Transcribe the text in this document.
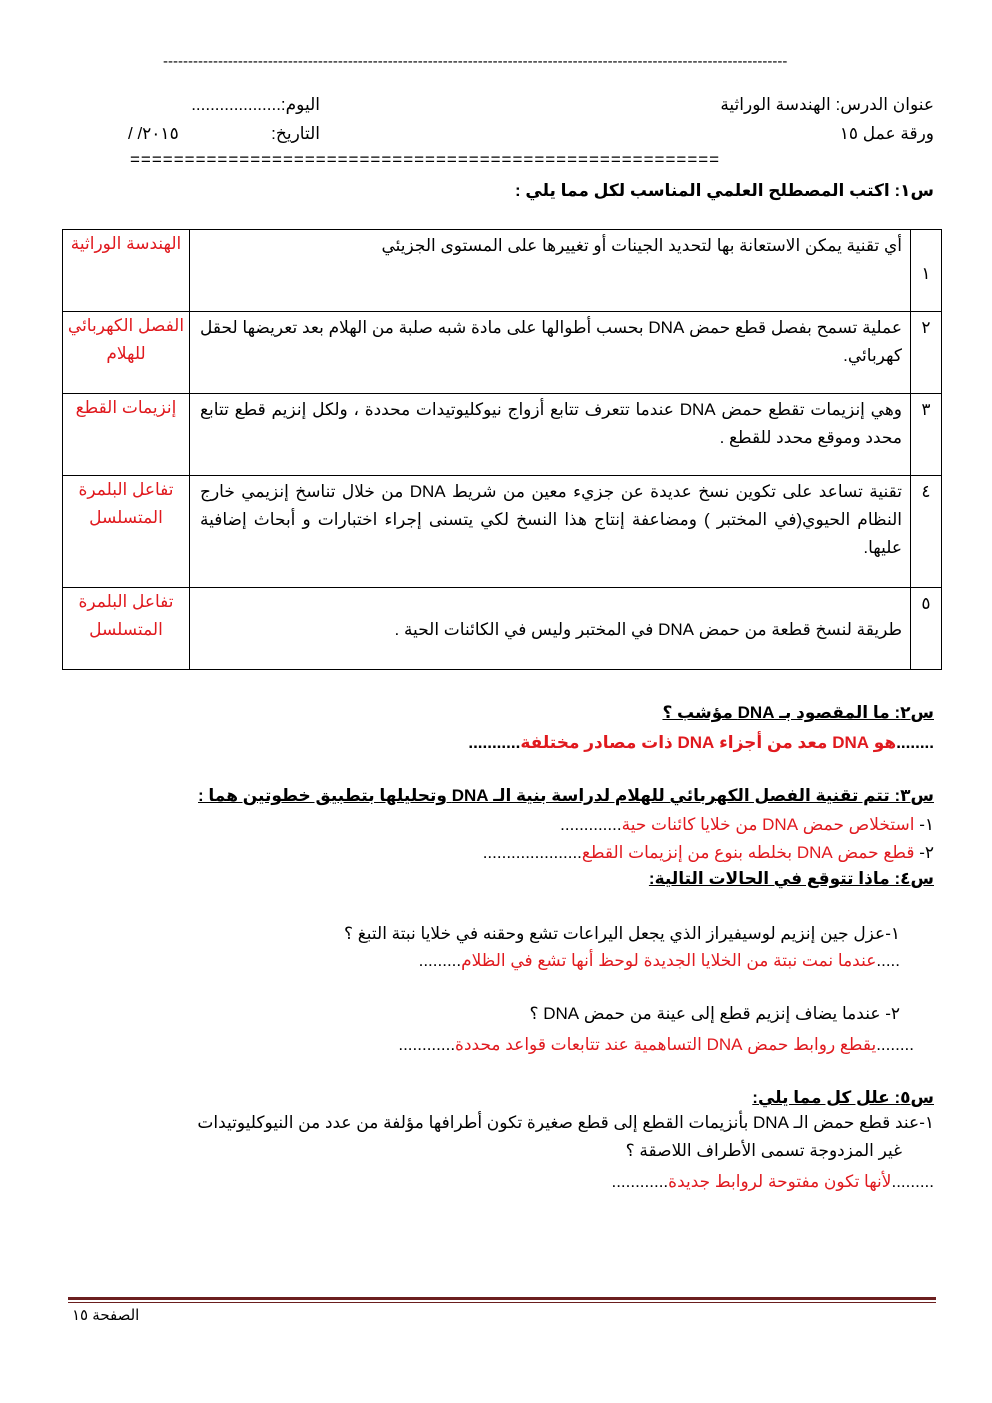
-----------------------------------------------------------------------------------------------------------------------------
عنوان الدرس: الهندسة الوراثية
اليوم:...................
ورقة عمل ١٥
التاريخ:
/ /٢٠١٥
======================================================
س١: اكتب المصطلح العلمي المناسب لكل مما يلي :
١	أي تقنية يمكن الاستعانة بها لتحديد الجينات أو تغييرها على المستوى الجزيئي	الهندسة الوراثية

٢	عملية تسمح بفصل قطع حمض DNA بحسب أطوالها على مادة شبه صلبة من الهلام بعد تعريضها لحقل كهربائي.	الفصل الكهربائي للهلام

٣	وهي إنزيمات تقطع حمض DNA عندما تتعرف تتابع أزواج نيوكليوتيدات محددة ، ولكل إنزيم قطع تتابع محدد وموقع محدد للقطع .	إنزيمات القطع

٤	تقنية تساعد على تكوين نسخ عديدة عن جزيء معين من شريط DNA من خلال تناسخ إنزيمي خارج النظام الحيوي(في المختبر ) ومضاعفة إنتاج هذا النسخ لكي يتسنى إجراء اختبارات و أبحاث إضافية عليها.	تفاعل البلمرة المتسلسل

٥	طريقة لنسخ قطعة من حمض DNA في المختبر وليس في الكائنات الحية .	تفاعل البلمرة المتسلسل
س٢: ما المقصود بـ DNA مؤشب ؟
........هو DNA معد من أجزاء DNA ذات مصادر مختلفة...........
س٣: تتم تقنية الفصل الكهربائي للهلام لدراسة بنية الـ DNA وتحليلها بتطبيق خطوتين هما :
١- استخلاص حمض DNA من خلايا كائنات حية.............
٢- قطع حمض DNA بخلطه بنوع من إنزيمات القطع.....................
س٤: ماذا تتوقع في الحالات التالية:
١-عزل جين إنزيم لوسيفيراز الذي يجعل اليراعات تشع وحقنه في خلايا نبتة التبغ ؟
.....عندما نمت نبتة من الخلايا الجديدة لوحظ أنها تشع في الظلام.........
٢- عندما يضاف إنزيم قطع إلى عينة من حمض DNA ؟
........يقطع روابط حمض DNA التساهمية عند تتابعات قواعد محددة............
س٥: علل كل مما يلي:
١-عند قطع حمض الـ DNA بأنزيمات القطع إلى قطع صغيرة تكون أطرافها مؤلفة من عدد من النيوكليوتيدات
غير المزدوجة تسمى الأطراف اللاصقة ؟
.........لأنها تكون مفتوحة لروابط جديدة............
الصفحة ١٥
